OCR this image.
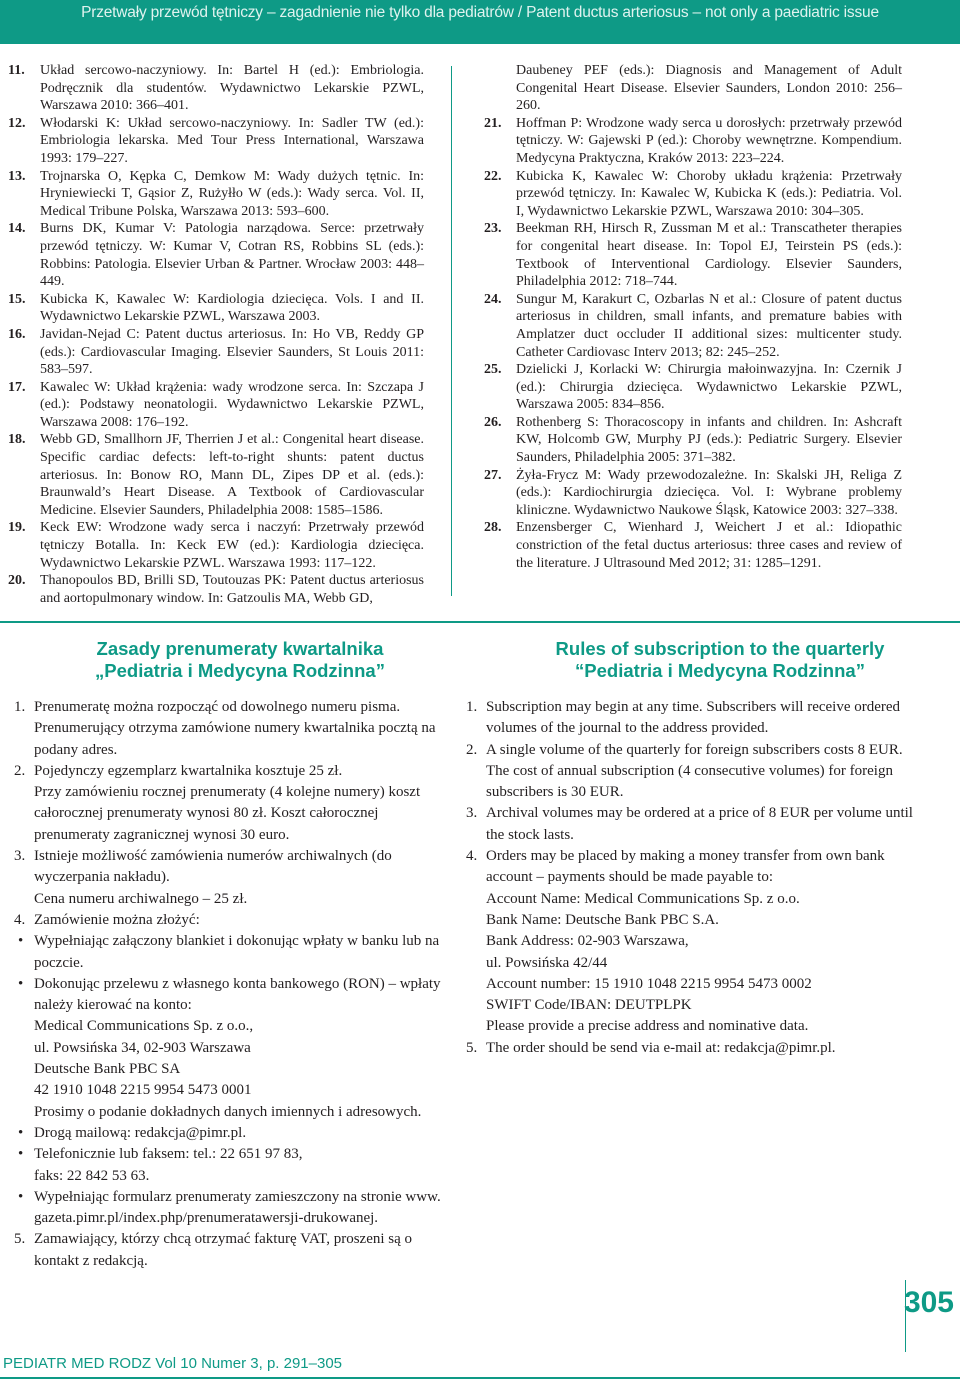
Przetwały przewód tętniczy – zagadnienie nie tylko dla pediatrów / Patent ductus arteriosus – not only a paediatric issue
11.	Układ sercowo-naczyniowy. In: Bartel H (ed.): Embriologia. Podręcznik dla studentów. Wydawnictwo Lekarskie PZWL, Warszawa 2010: 366–401.
12.	Włodarski K: Układ sercowo-naczyniowy. In: Sadler TW (ed.): Embriologia lekarska. Med Tour Press International, Warszawa 1993: 179–227.
13.	Trojnarska O, Kępka C, Demkow M: Wady dużych tętnic. In: Hryniewiecki T, Gąsior Z, Rużyłło W (eds.): Wady serca. Vol. II, Medical Tribune Polska, Warszawa 2013: 593–600.
14.	Burns DK, Kumar V: Patologia narządowa. Serce: przetrwały przewód tętniczy. W: Kumar V, Cotran RS, Robbins SL (eds.): Robbins: Patologia. Elsevier Urban & Partner. Wrocław 2003: 448–449.
15.	Kubicka K, Kawalec W: Kardiologia dziecięca. Vols. I and II. Wydawnictwo Lekarskie PZWL, Warszawa 2003.
16.	Javidan-Nejad C: Patent ductus arteriosus. In: Ho VB, Reddy GP (eds.): Cardiovascular Imaging. Elsevier Saunders, St Louis 2011: 583–597.
17.	Kawalec W: Układ krążenia: wady wrodzone serca. In: Szczapa J (ed.): Podstawy neonatologii. Wydawnictwo Lekarskie PZWL, Warszawa 2008: 176–192.
18.	Webb GD, Smallhorn JF, Therrien J et al.: Congenital heart disease. Specific cardiac defects: left-to-right shunts: patent ductus arteriosus. In: Bonow RO, Mann DL, Zipes DP et al. (eds.): Braunwald’s Heart Disease. A Textbook of Cardiovascular Medicine. Elsevier Saunders, Philadelphia 2008: 1585–1586.
19.	Keck EW: Wrodzone wady serca i naczyń: Przetrwały przewód tętniczy Botalla. In: Keck EW (ed.): Kardiologia dziecięca. Wydawnictwo Lekarskie PZWL. Warszawa 1993: 117–122.
20.	Thanopoulos BD, Brilli SD, Toutouzas PK: Patent ductus arteriosus and aortopulmonary window. In: Gatzoulis MA, Webb GD,
Daubeney PEF (eds.): Diagnosis and Management of Adult Congenital Heart Disease. Elsevier Saunders, London 2010: 256–260.
21.	Hoffman P: Wrodzone wady serca u dorosłych: przetrwały przewód tętniczy. W: Gajewski P (ed.): Choroby wewnętrzne. Kompendium. Medycyna Praktyczna, Kraków 2013: 223–224.
22.	Kubicka K, Kawalec W: Choroby układu krążenia: Przetrwały przewód tętniczy. In: Kawalec W, Kubicka K (eds.): Pediatria. Vol. I, Wydawnictwo Lekarskie PZWL, Warszawa 2010: 304–305.
23.	Beekman RH, Hirsch R, Zussman M et al.: Transcatheter therapies for congenital heart disease. In: Topol EJ, Teirstein PS (eds.): Textbook of Interventional Cardiology. Elsevier Saunders, Philadelphia 2012: 718–744.
24.	Sungur M, Karakurt C, Ozbarlas N et al.: Closure of patent ductus arteriosus in children, small infants, and premature babies with Amplatzer duct occluder II additional sizes: multicenter study. Catheter Cardiovasc Interv 2013; 82: 245–252.
25.	Dzielicki J, Korlacki W: Chirurgia małoinwazyjna. In: Czernik J (ed.): Chirurgia dziecięca. Wydawnictwo Lekarskie PZWL, Warszawa 2005: 834–856.
26.	Rothenberg S: Thoracoscopy in infants and children. In: Ashcraft KW, Holcomb GW, Murphy PJ (eds.): Pediatric Surgery. Elsevier Saunders, Philadelphia 2005: 371–382.
27.	Żyła-Frycz M: Wady przewodozależne. In: Skalski JH, Religa Z (eds.): Kardiochirurgia dziecięca. Vol. I: Wybrane problemy kliniczne. Wydawnictwo Naukowe Śląsk, Katowice 2003: 327–338.
28.	Enzensberger C, Wienhard J, Weichert J et al.: Idiopathic constriction of the fetal ductus arteriosus: three cases and review of the literature. J Ultrasound Med 2012; 31: 1285–1291.
Zasady prenumeraty kwartalnika
„Pediatria i Medycyna Rodzinna”
1. Prenumeratę można rozpocząć od dowolnego numeru pisma. Prenumerujący otrzyma zamówione numery kwartalnika pocztą na podany adres.
2. Pojedynczy egzemplarz kwartalnika kosztuje 25 zł.
Przy zamówieniu rocznej prenumeraty (4 kolejne numery) koszt całorocznej prenumeraty wynosi 80 zł. Koszt całorocznej prenumeraty zagranicznej wynosi 30 euro.
3. Istnieje możliwość zamówienia numerów archiwalnych (do wyczerpania nakładu).
Cena numeru archiwalnego – 25 zł.
4. Zamówienie można złożyć:
• Wypełniając załączony blankiet i dokonując wpłaty w banku lub na poczcie.
• Dokonując przelewu z własnego konta bankowego (RON) – wpłaty należy kierować na konto:
Medical Communications Sp. z o.o.,
ul. Powsińska 34, 02-903 Warszawa
Deutsche Bank PBC SA
42 1910 1048 2215 9954 5473 0001
Prosimy o podanie dokładnych danych imiennych i adresowych.
• Drogą mailową: redakcja@pimr.pl.
• Telefonicznie lub faksem: tel.: 22 651 97 83,
faks: 22 842 53 63.
• Wypełniając formularz prenumeraty zamieszczony na stronie www. gazeta.pimr.pl/index.php/prenumeratawersji-drukowanej.
5. Zamawiający, którzy chcą otrzymać fakturę VAT, proszeni są o kontakt z redakcją.
Rules of subscription to the quarterly
“Pediatria i Medycyna Rodzinna”
1. Subscription may begin at any time. Subscribers will receive ordered volumes of the journal to the address provided.
2. A single volume of the quarterly for foreign subscribers costs 8 EUR. The cost of annual subscription (4 consecutive volumes) for foreign subscribers is 30 EUR.
3. Archival volumes may be ordered at a price of 8 EUR per volume until the stock lasts.
4. Orders may be placed by making a money transfer from own bank account – payments should be made payable to:
Account Name: Medical Communications Sp. z o.o.
Bank Name: Deutsche Bank PBC S.A.
Bank Address: 02-903 Warszawa,
ul. Powsińska 42/44
Account number: 15 1910 1048 2215 9954 5473 0002
SWIFT Code/IBAN: DEUTPLPK
Please provide a precise address and nominative data.
5. The order should be send via e-mail at: redakcja@pimr.pl.
305
PEDIATR MED RODZ Vol 10 Numer 3, p. 291–305
